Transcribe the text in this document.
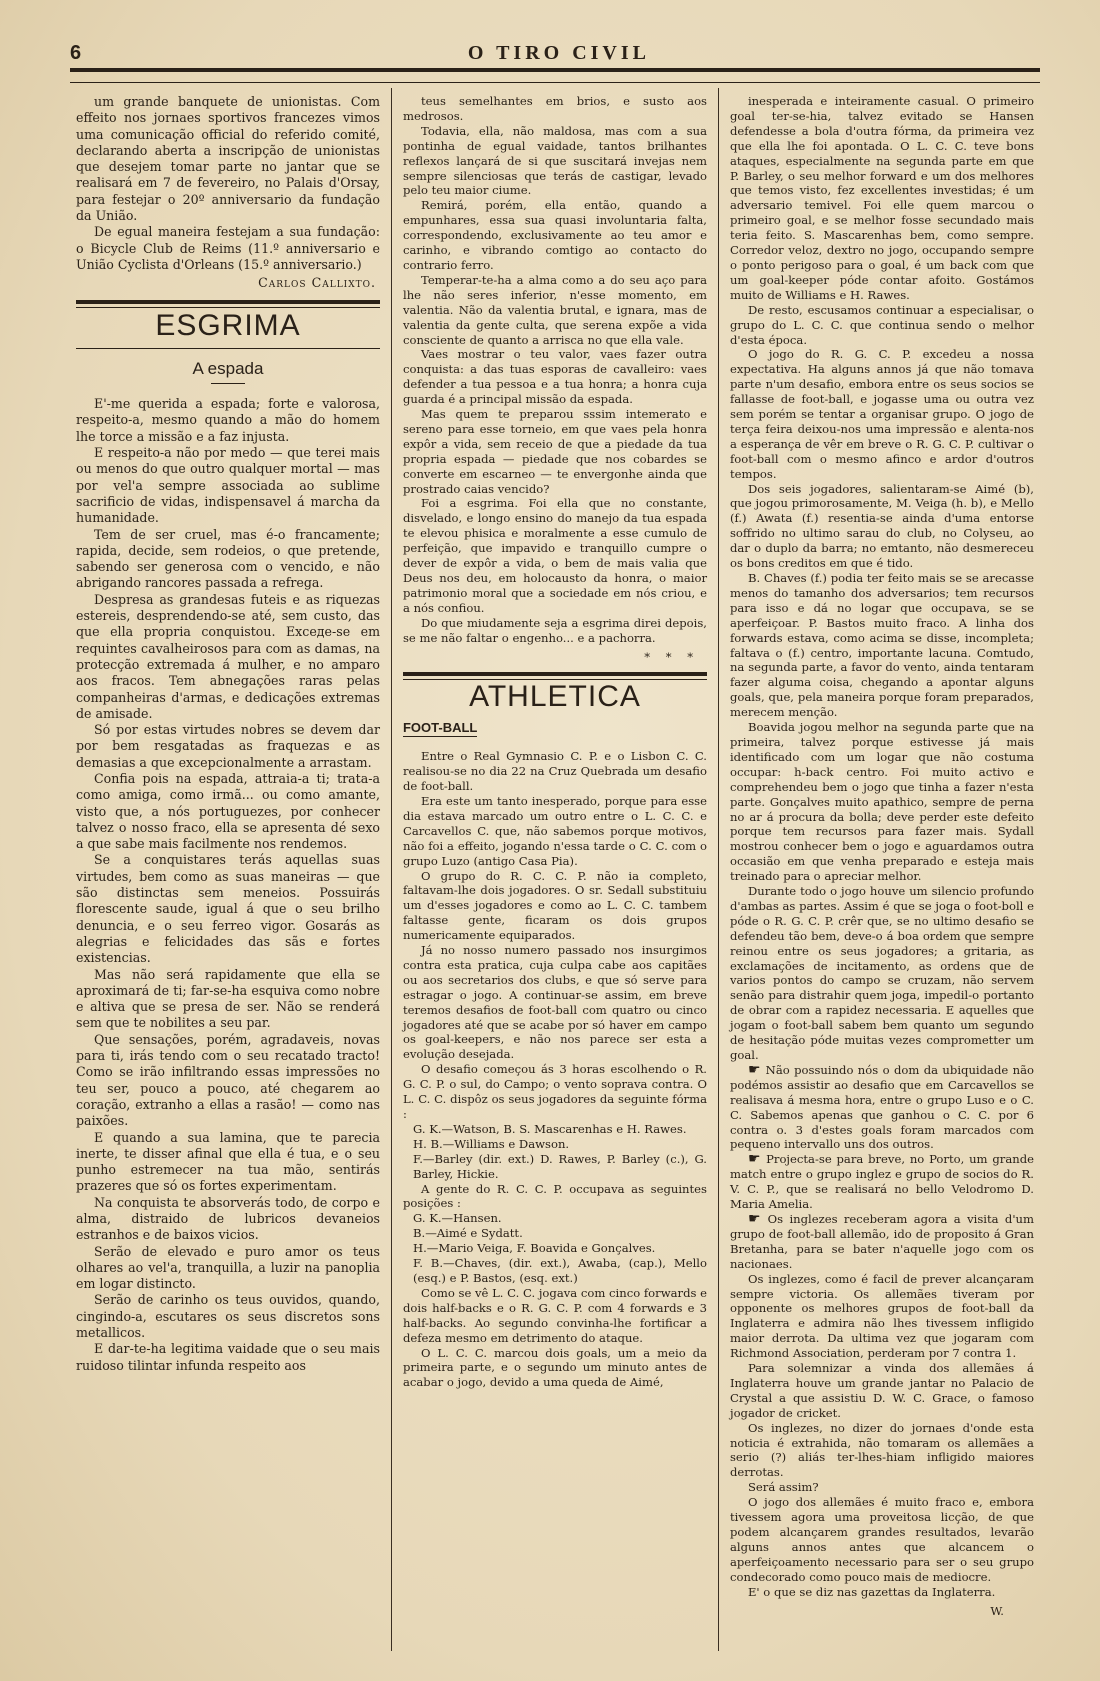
6	O TIRO CIVIL

um grande banquete de unionistas. Com effeito nos jornaes sportivos francezes vimos uma comunicação official do referido comité, declarando aberta a inscripção de unionistas que desejem tomar parte no jantar que se realisará em 7 de fevereiro, no Palais d'Orsay, para festejar o 20º anniversario da fundação da União.

De egual maneira festejam a sua fundação: o Bicycle Club de Reims (11.º anniversario e União Cyclista d'Orleans (15.º anniversario.)

Carlos Callixto.
ESGRIMA
A espada

E'-me querida a espada; forte e valorosa, respeito-a, mesmo quando a mão do homem lhe torce a missão e a faz injusta.

E respeito-a não por medo — que terei mais ou menos do que outro qualquer mortal — mas por vel'a sempre associada ao sublime sacrificio de vidas, indispensavel á marcha da humanidade.

Tem de ser cruel, mas é-o francamente; rapida, decide, sem rodeios, o que pretende, sabendo ser generosa com o vencido, e não abrigando rancores passada a refrega.

Despresa as grandesas futeis e as riquezas estereis, desprendendo-se até, sem custo, das que ella propria conquistou. Exceде-se em requintes cavalheirosos para com as damas, na protecção extremada á mulher, e no amparo aos fracos. Tem abnegações raras pelas companheiras d'armas, e dedicações extremas de amisade.

Só por estas virtudes nobres se devem dar por bem resgatadas as fraquezas e as demasias a que excepcionalmente a arrastam.

Confia pois na espada, attraia-a ti; trata-a como amiga, como irmã... ou como amante, visto que, a nós portuguezes, por conhecer talvez o nosso fraco, ella se apresenta dé sexo a que sabe mais facilmente nos rendemos.

Se a conquistares terás aquellas suas virtudes, bem como as suas maneiras — que são distinctas sem meneios. Possuirás florescente saude, igual á que o seu brilho denuncia, e o seu ferreo vigor. Gosarás as alegrias e felicidades das sãs e fortes existencias.

Mas não será rapidamente que ella se aproximará de ti; far-se-ha esquiva como nobre e altiva que se presa de ser. Não se renderá sem que te nobilites a seu par.

Que sensações, porém, agradaveis, novas para ti, irás tendo com o seu recatado tracto! Como se irão infiltrando essas impressões no teu ser, pouco a pouco, até chegarem ao coração, extranho a ellas a rasão! — como nas paixões.

E quando a sua lamina, que te parecia inerte, te disser afinal que ella é tua, e o seu punho estremecer na tua mão, sentirás prazeres que só os fortes experimentam.

Na conquista te absorverás todo, de corpo e alma, distraido de lubricos devaneios estranhos e de baixos vicios.

Serão de elevado e puro amor os teus olhares ao vel'a, tranquilla, a luzir na panoplia em logar distincto.

Serão de carinho os teus ouvidos, quando, cingindo-a, escutares os seus discretos sons metallicos.

E dar-te-ha legitima vaidade que o seu mais ruidoso tilintar infunda respeito aos

teus semelhantes em brios, e susto aos medrosos.

Todavia, ella, não maldosa, mas com a sua pontinha de egual vaidade, tantos brilhantes reflexos lançará de si que suscitará invejas nem sempre silenciosas que terás de castigar, levado pelo teu maior ciume.

Remirá, porém, ella então, quando a empunhares, essa sua quasi involuntaria falta, correspondendo, exclusivamente ao teu amor e carinho, e vibrando comtigo ao contacto do contrario ferro.

Temperar-te-ha a alma como a do seu aço para lhe não seres inferior, n'esse momento, em valentia. Não da valentia brutal, e ignara, mas de valentia da gente culta, que serena expõe a vida consciente de quanto a arrisca no que ella vale.

Vaes mostrar o teu valor, vaes fazer outra conquista: a das tuas esporas de cavalleiro: vaes defender a tua pessoa e a tua honra; a honra cuja guarda é a principal missão da espada.

Mas quem te preparou sssim intemerato e sereno para esse torneio, em que vaes pela honra expôr a vida, sem receio de que a piedade da tua propria espada — piedade que nos cobardes se converte em escarneo — te envergonhe ainda que prostrado caias vencido?

Foi a esgrima. Foi ella que no constante, disvelado, e longo ensino do manejo da tua espada te elevou phisica e moralmente a esse cumulo de perfeição, que impavido e tranquillo cumpre o dever de expôr a vida, o bem de mais valia que Deus nos deu, em holocausto da honra, o maior patrimonio moral que a sociedade em nós criou, e a nós confiou.

Do que miudamente seja a esgrima direi depois, se me não faltar o engenho... e a pachorra.

* * *
ATHLETICA
FOOT-BALL

Entre o Real Gymnasio C. P. e o Lisbon C. C. realisou-se no dia 22 na Cruz Quebrada um desafio de foot-ball.

Era este um tanto inesperado, porque para esse dia estava marcado um outro entre o L. C. C. e Carcavellos C. que, não sabemos porque motivos, não foi a effeito, jogando n'essa tarde o C. C. com o grupo Luzo (antigo Casa Pia).

O grupo do R. C. C. P. não ia completo, faltavam-lhe dois jogadores. O sr. Sedall substituiu um d'esses jogadores e como ao L. C. C. tambem faltasse gente, ficaram os dois grupos numericamente equiparados.

Já no nosso numero passado nos insurgimos contra esta pratica, cuja culpa cabe aos capitães ou aos secretarios dos clubs, e que só serve para estragar o jogo. A continuar-se assim, em breve teremos desafios de foot-ball com quatro ou cinco jogadores até que se acabe por só haver em campo os goal-keepers, e não nos parece ser esta a evolução desejada.

O desafio começou ás 3 horas escolhendo o R. G. C. P. o sul, do Campo; o vento soprava contra. O L. C. C. dispôz os seus jogadores da seguinte fórma :

G. K.—Watson, B. S. Mascarenhas e H. Rawes.

H. B.—Williams e Dawson.

F.—Barley (dir. ext.) D. Rawes, P. Barley (c.), G. Barley, Hickie.

A gente do R. C. C. P. occupava as seguintes posições :

G. K.—Hansen.

B.—Aimé e Sydatt.

H.—Mario Veiga, F. Boavida e Gonçalves.

F. B.—Chaves, (dir. ext.), Awaba, (cap.), Mello (esq.) e P. Bastos, (esq. ext.)

Como se vê L. C. C. jogava com cinco forwards e dois half-backs e o R. G. C. P. com 4 forwards e 3 half-backs. Ao segundo convinha-lhe fortificar a defeza mesmo em detrimento do ataque.

O L. C. C. marcou dois goals, um a meio da primeira parte, e o segundo um minuto antes de acabar o jogo, devido a uma queda de Aimé,

inesperada e inteiramente casual. O primeiro goal ter-se-hia, talvez evitado se Hansen defendesse a bola d'outra fórma, da primeira vez que ella lhe foi apontada. O L. C. C. teve bons ataques, especialmente na segunda parte em que P. Barley, o seu melhor forward e um dos melhores que temos visto, fez excellentes investidas; é um adversario temivel. Foi elle quem marcou o primeiro goal, e se melhor fosse secundado mais teria feito. S. Mascarenhas bem, como sempre. Corredor veloz, dextro no jogo, occupando sempre o ponto perigoso para o goal, é um back com que um goal-keeper póde contar afoito. Gostámos muito de Williams e H. Rawes.

De resto, escusamos continuar a especialisar, o grupo do L. C. C. que continua sendo o melhor d'esta época.

O jogo do R. G. C. P. excedeu a nossa expectativa. Ha alguns annos já que não tomava parte n'um desafio, embora entre os seus socios se fallasse de foot-ball, e jogasse uma ou outra vez sem porém se tentar a organisar grupo. O jogo de terça feira deixou-nos uma impressão e alenta-nos a esperança de vêr em breve o R. G. C. P. cultivar o foot-ball com o mesmo afinco e ardor d'outros tempos.

Dos seis jogadores, salientaram-se Aimé (b), que jogou primorosamente, M. Veiga (h. b), e Mello (f.) Awata (f.) resentia-se ainda d'uma entorse soffrido no ultimo sarau do club, no Colyseu, ao dar o duplo da barra; no emtanto, não desmereceu os bons creditos em que é tido.

B. Chaves (f.) podia ter feito mais se se arecasse menos do tamanho dos adversarios; tem recursos para isso e dá no logar que occupava, se se aperfeiçoar. P. Bastos muito fraco. A linha dos forwards estava, como acima se disse, incompleta; faltava o (f.) centro, importante lacuna. Comtudo, na segunda parte, a favor do vento, ainda tentaram fazer alguma coisa, chegando a apontar alguns goals, que, pela maneira porque foram preparados, merecem menção.

Boavida jogou melhor na segunda parte que na primeira, talvez porque estivesse já mais identificado com um logar que não costuma occupar: h-back centro. Foi muito activo e comprehendeu bem o jogo que tinha a fazer n'esta parte. Gonçalves muito apathico, sempre de perna no ar á procura da bolla; deve perder este defeito porque tem recursos para fazer mais. Sydall mostrou conhecer bem o jogo e aguardamos outra occasião em que venha preparado e esteja mais treinado para o apreciar melhor.

Durante todo o jogo houve um silencio profundo d'ambas as partes. Assim é que se joga o foot-boll e póde o R. G. C. P. crêr que, se no ultimo desafio se defendeu tão bem, deve-o á boa ordem que sempre reinou entre os seus jogadores; a gritaria, as exclamações de incitamento, as ordens que de varios pontos do campo se cruzam, não servem senão para distrahir quem joga, impedil-o portanto de obrar com a rapidez necessaria. E aquelles que jogam o foot-ball sabem bem quanto um segundo de hesitação póde muitas vezes comprometter um goal.

☛ Não possuindo nós o dom da ubiquidade não podémos assistir ao desafio que em Carcavellos se realisava á mesma hora, entre o grupo Luso e o C. C. Sabemos apenas que ganhou o C. C. por 6 contra o. 3 d'estes goals foram marcados com pequeno intervallo uns dos outros.

☛ Projecta-se para breve, no Porto, um grande match entre o grupo inglez e grupo de socios do R. V. C. P., que se realisará no bello Velodromo D. Maria Amelia.

☛ Os inglezes receberam agora a visita d'um grupo de foot-ball allemão, ido de proposito á Gran Bretanha, para se bater n'aquelle jogo com os nacionaes.

Os inglezes, como é facil de prever alcançaram sempre victoria. Os allemães tiveram por opponente os melhores grupos de foot-ball da Inglaterra e admira não lhes tivessem infligido maior derrota. Da ultima vez que jogaram com Richmond Association, perderam por 7 contra 1.

Para solemnizar a vinda dos allemães á Inglaterra houve um grande jantar no Palacio de Crystal a que assistiu D. W. C. Grace, o famoso jogador de cricket.

Os inglezes, no dizer do jornaes d'onde esta noticia é extrahida, não tomaram os allemães a serio (?) aliás ter-lhes-hiam infligido maiores derrotas.

Será assim?

O jogo dos allemães é muito fraco e, embora tivessem agora uma proveitosa licção, de que podem alcançarem grandes resultados, levarão alguns annos antes que alcancem o aperfeiçoamento necessario para ser o seu grupo condecorado como pouco mais de mediocre.

E' o que se diz nas gazettas da Inglaterra.

W.
